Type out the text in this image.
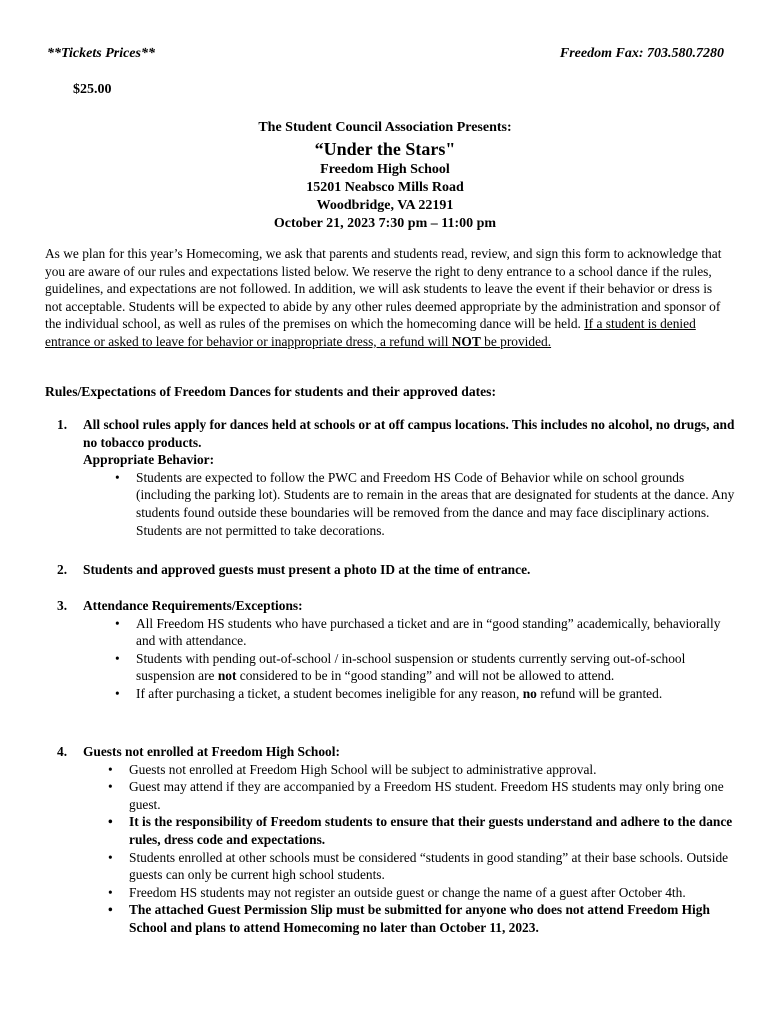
**Tickets Prices**	Freedom Fax: 703.580.7280
$25.00
The Student Council Association Presents:
“Under the Stars"
Freedom High School
15201 Neabsco Mills Road
Woodbridge, VA 22191
October 21, 2023 7:30 pm – 11:00 pm
As we plan for this year’s Homecoming, we ask that parents and students read, review, and sign this form to acknowledge that you are aware of our rules and expectations listed below. We reserve the right to deny entrance to a school dance if the rules, guidelines, and expectations are not followed. In addition, we will ask students to leave the event if their behavior or dress is not acceptable. Students will be expected to abide by any other rules deemed appropriate by the administration and sponsor of the individual school, as well as rules of the premises on which the homecoming dance will be held. If a student is denied entrance or asked to leave for behavior or inappropriate dress, a refund will NOT be provided.
Rules/Expectations of Freedom Dances for students and their approved dates:
1. All school rules apply for dances held at schools or at off campus locations. This includes no alcohol, no drugs, and no tobacco products.
Appropriate Behavior:
• Students are expected to follow the PWC and Freedom HS Code of Behavior while on school grounds (including the parking lot). Students are to remain in the areas that are designated for students at the dance. Any students found outside these boundaries will be removed from the dance and may face disciplinary actions. Students are not permitted to take decorations.
2. Students and approved guests must present a photo ID at the time of entrance.
3. Attendance Requirements/Exceptions:
• All Freedom HS students who have purchased a ticket and are in “good standing” academically, behaviorally and with attendance.
• Students with pending out-of-school / in-school suspension or students currently serving out-of-school suspension are not considered to be in “good standing” and will not be allowed to attend.
• If after purchasing a ticket, a student becomes ineligible for any reason, no refund will be granted.
4. Guests not enrolled at Freedom High School:
• Guests not enrolled at Freedom High School will be subject to administrative approval.
• Guest may attend if they are accompanied by a Freedom HS student. Freedom HS students may only bring one guest.
• It is the responsibility of Freedom students to ensure that their guests understand and adhere to the dance rules, dress code and expectations.
• Students enrolled at other schools must be considered “students in good standing” at their base schools. Outside guests can only be current high school students.
• Freedom HS students may not register an outside guest or change the name of a guest after October 4th.
• The attached Guest Permission Slip must be submitted for anyone who does not attend Freedom High School and plans to attend Homecoming no later than October 11, 2023.
